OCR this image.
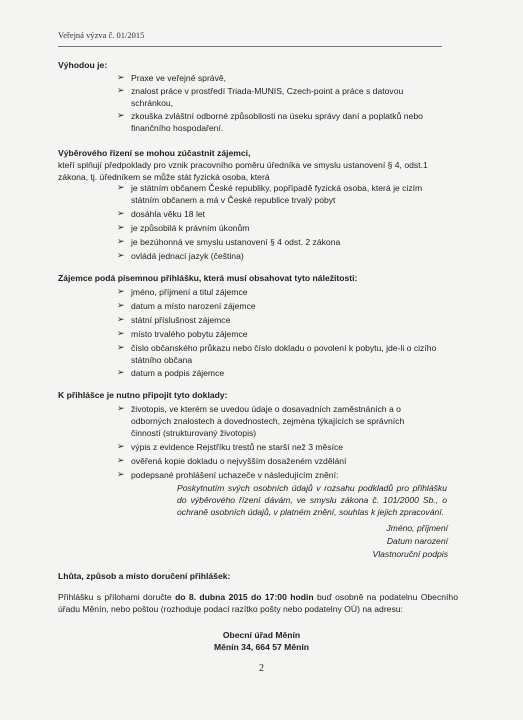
Veřejná výzva č. 01/2015
Výhodou je:
➢ Praxe ve veřejné správě,
➢ znalost práce v prostředí Triada-MUNIS, Czech-point a práce s datovou schránkou,
➢ zkouška zvláštní odborné způsobilosti na úseku správy daní a poplatků nebo finančního hospodaření.
Výběrového řízení se mohou zúčastnit zájemci,
kteří splňují předpoklady pro vznik pracovního poměru úředníka ve smyslu ustanovení § 4, odst.1
zákona, tj. úředníkem se může stát fyzická osoba, která
➢ je státním občanem České republiky, popřípadě fyzická osoba, která je cizím státním občanem a má v České republice trvalý pobyt
➢ dosáhla věku 18 let
➢ je způsobilá k právním úkonům
➢ je bezúhonná ve smyslu ustanovení § 4 odst. 2 zákona
➢ ovládá jednací jazyk (čeština)
Zájemce podá písemnou přihlášku, která musí obsahovat tyto náležitosti:
➢ jméno, příjmení a titul zájemce
➢ datum a místo narození zájemce
➢ státní příslušnost zájemce
➢ místo trvalého pobytu zájemce
➢ číslo občanského průkazu nebo číslo dokladu o povolení k pobytu, jde-li o cizího státního občana
➢ datum a podpis zájemce
K přihlášce je nutno připojit tyto doklady:
➢ životopis, ve kterém se uvedou údaje o dosavadních zaměstnáních a o odborných znalostech a dovednostech, zejména týkajících se správních činností (strukturovaný životopis)
➢ výpis z evidence Rejstříku trestů ne starší než 3 měsíce
➢ ověřená kopie dokladu o nejvyšším dosaženém vzdělání
➢ podepsané prohlášení uchazeče v následujícím znění:
Poskytnutím svých osobních údajů v rozsahu podkladů pro přihlášku do výběrového řízení dávám, ve smyslu zákona č. 101/2000 Sb., o ochraně osobních údajů, v platném znění, souhlas k jejich zpracování.
Jméno, příjmení
Datum narození
Vlastnoruční podpis
Lhůta, způsob a místo doručení přihlášek:
Přihlášku s přílohami doručte do 8. dubna 2015 do 17:00 hodin buď osobně na podatelnu Obecního úřadu Měnín, nebo poštou (rozhoduje podací razítko pošty nebo podatelny OÚ) na adresu:
Obecní úřad Měnín
Měnín 34, 664 57 Měnín
2
